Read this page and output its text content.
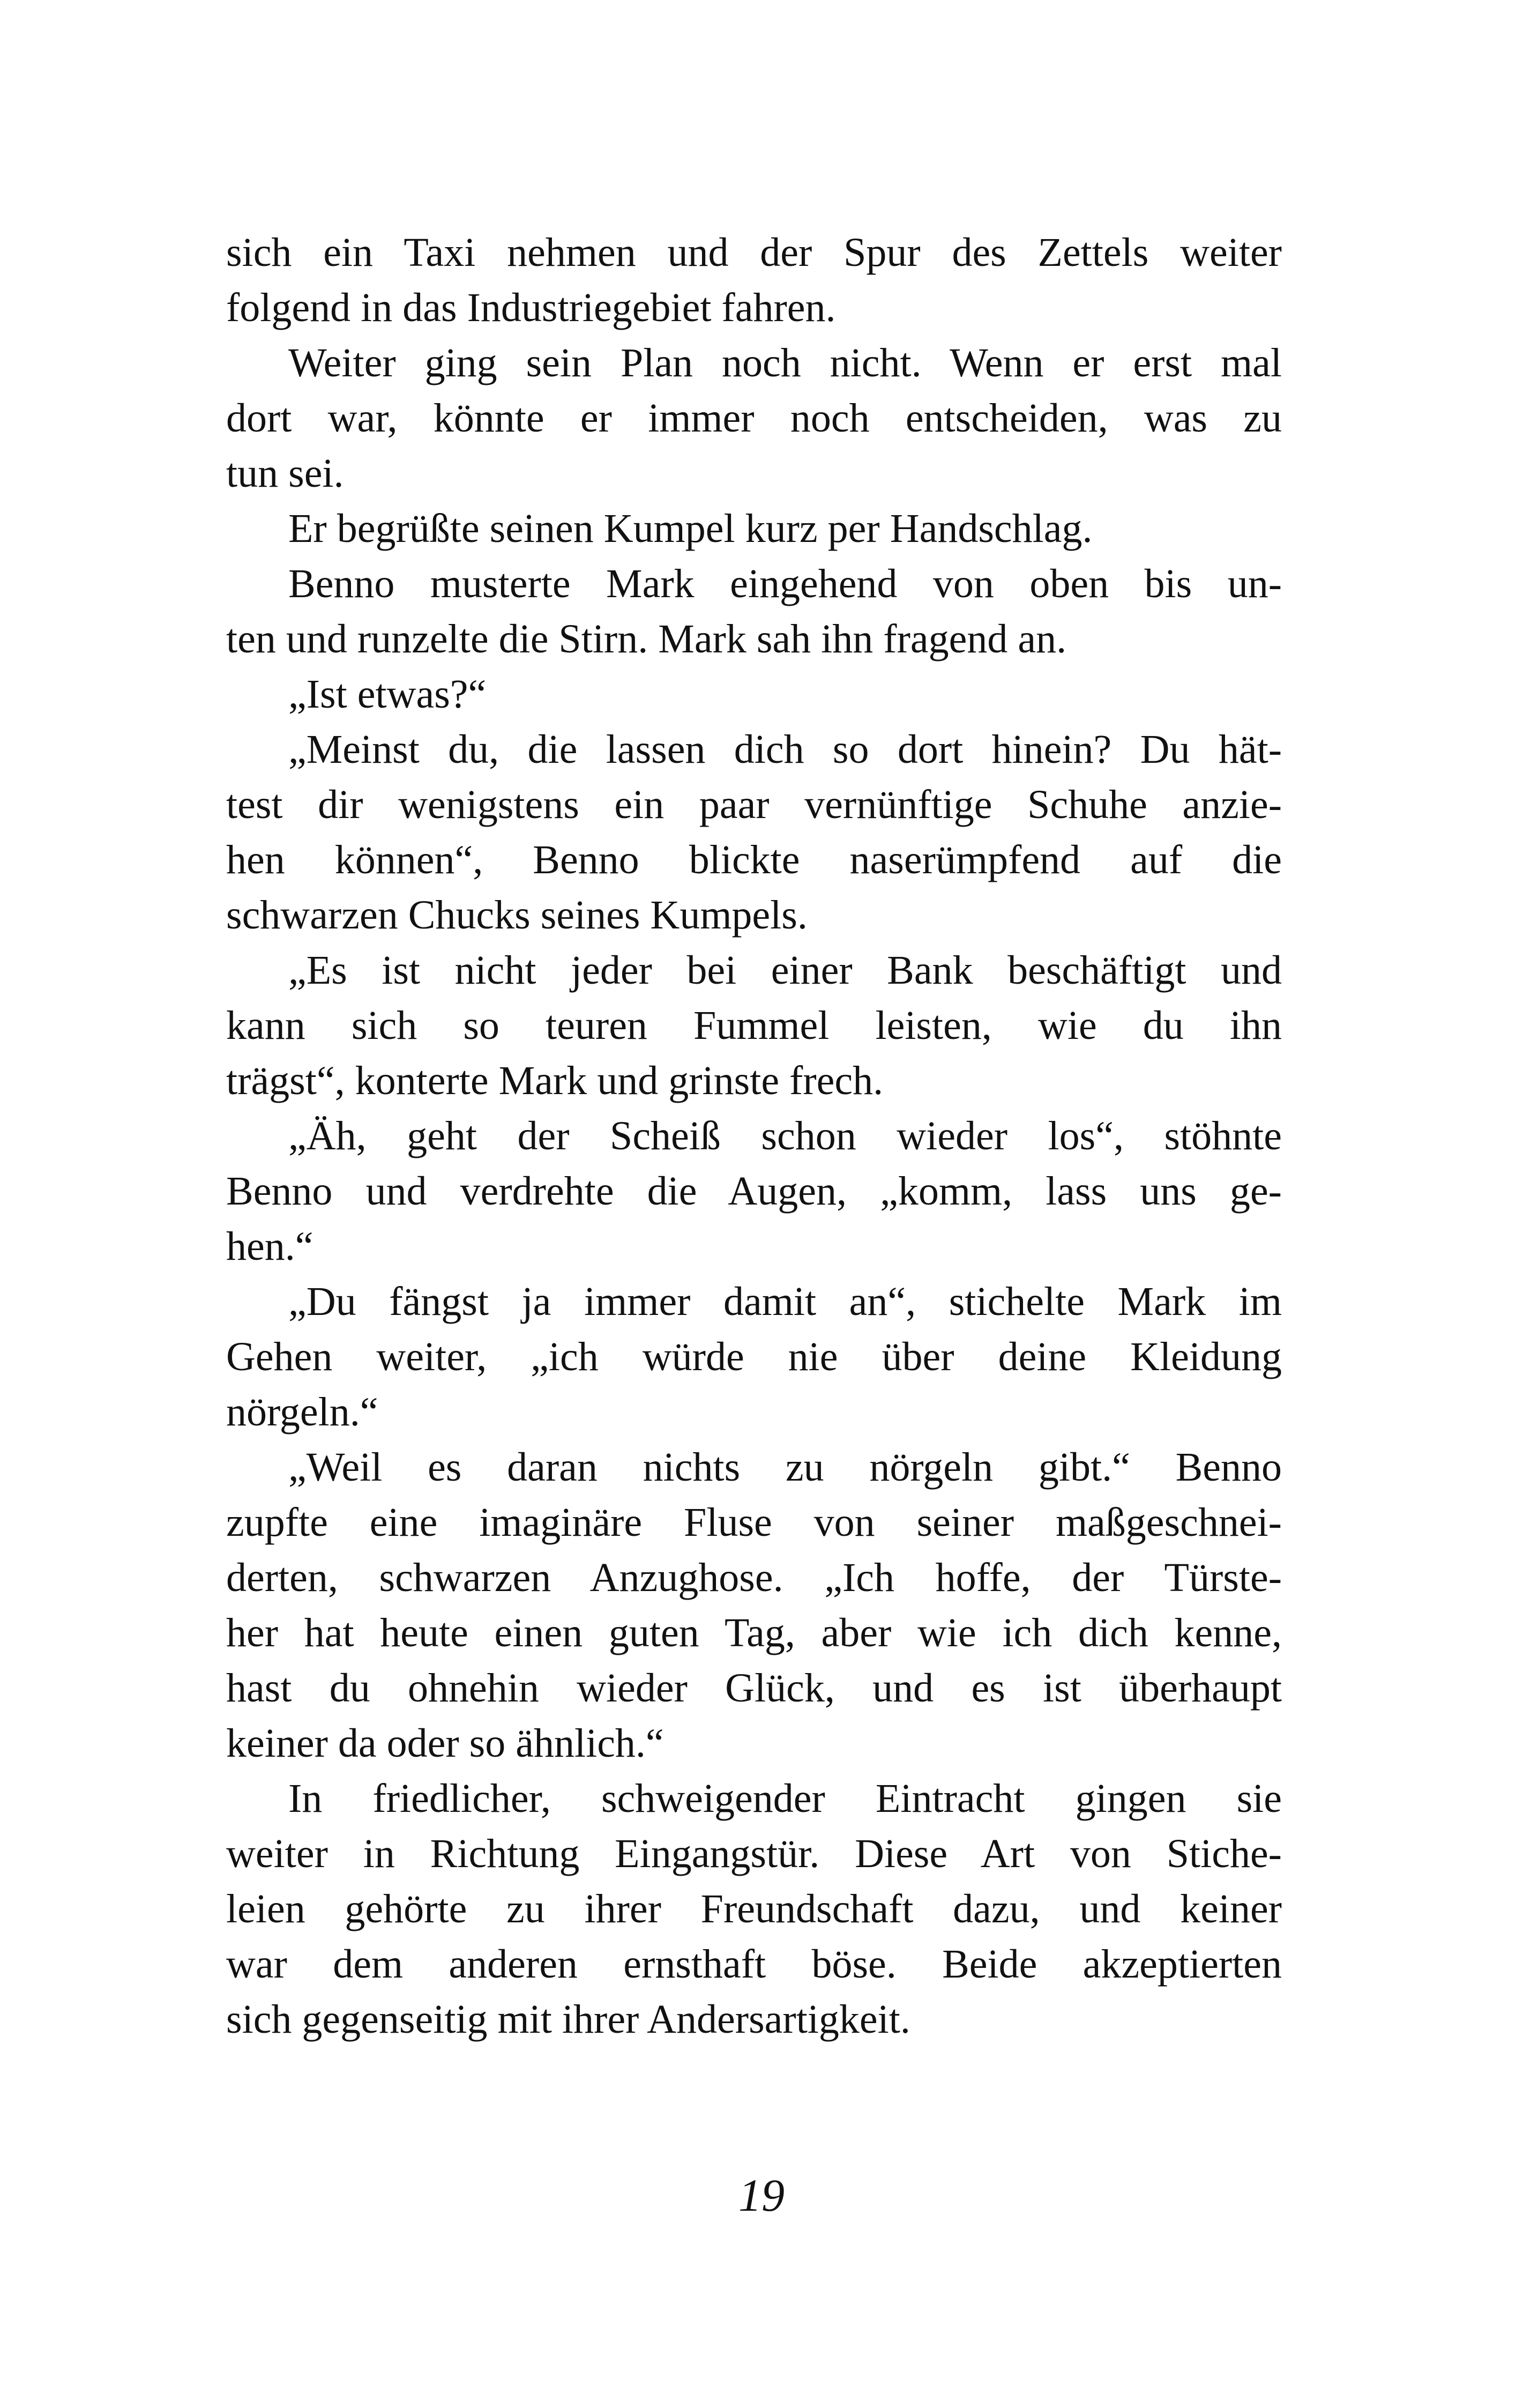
sich ein Taxi nehmen und der Spur des Zettels weiter
folgend in das Industriegebiet fahren.
Weiter ging sein Plan noch nicht. Wenn er erst mal
dort war, könnte er immer noch entscheiden, was zu
tun sei.
Er begrüßte seinen Kumpel kurz per Handschlag.
Benno musterte Mark eingehend von oben bis un-
ten und runzelte die Stirn. Mark sah ihn fragend an.
„Ist etwas?“
„Meinst du, die lassen dich so dort hinein? Du hät-
test dir wenigstens ein paar vernünftige Schuhe anzie-
hen können“, Benno blickte naserümpfend auf die
schwarzen Chucks seines Kumpels.
„Es ist nicht jeder bei einer Bank beschäftigt und
kann sich so teuren Fummel leisten, wie du ihn
trägst“, konterte Mark und grinste frech.
„Äh, geht der Scheiß schon wieder los“, stöhnte
Benno und verdrehte die Augen, „komm, lass uns ge-
hen.“
„Du fängst ja immer damit an“, stichelte Mark im
Gehen weiter, „ich würde nie über deine Kleidung
nörgeln.“
„Weil es daran nichts zu nörgeln gibt.“ Benno
zupfte eine imaginäre Fluse von seiner maßgeschnei-
derten, schwarzen Anzughose. „Ich hoffe, der Türste-
her hat heute einen guten Tag, aber wie ich dich kenne,
hast du ohnehin wieder Glück, und es ist überhaupt
keiner da oder so ähnlich.“
In friedlicher, schweigender Eintracht gingen sie
weiter in Richtung Eingangstür. Diese Art von Stiche-
leien gehörte zu ihrer Freundschaft dazu, und keiner
war dem anderen ernsthaft böse. Beide akzeptierten
sich gegenseitig mit ihrer Andersartigkeit.
19
